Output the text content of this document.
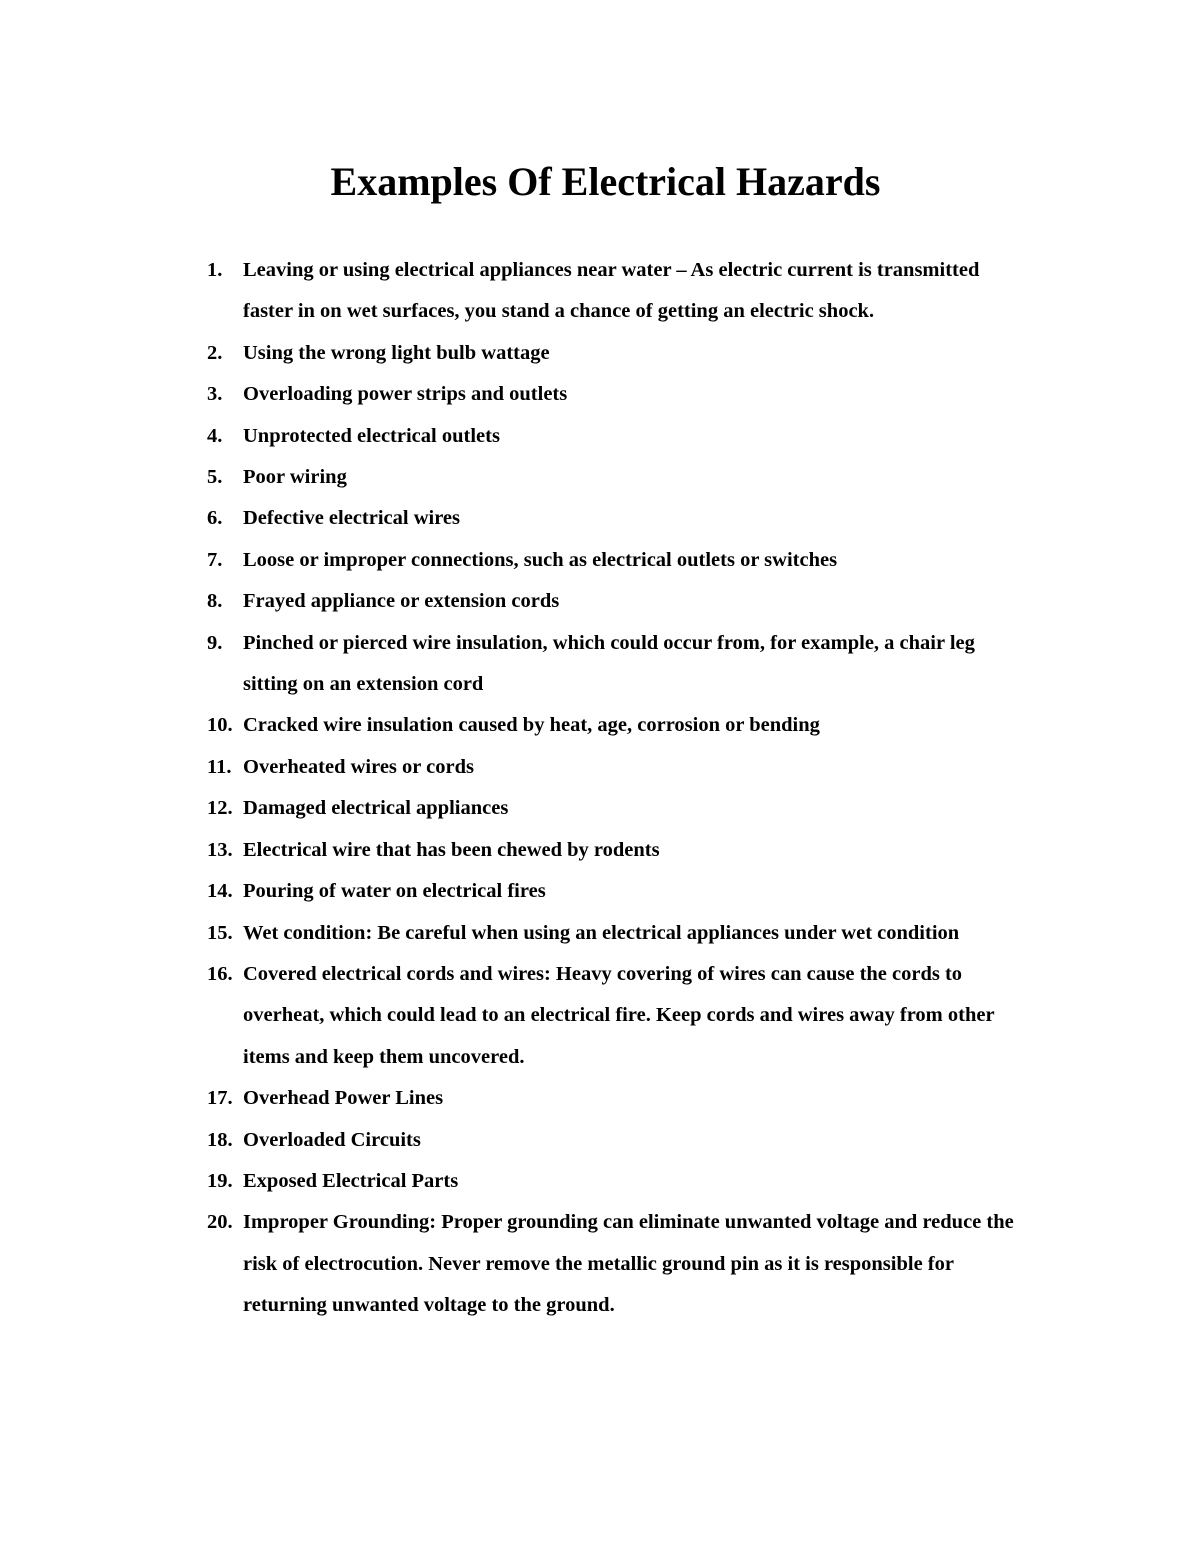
Examples Of Electrical Hazards
1.	Leaving or using electrical appliances near water – As electric current is transmitted faster in on wet surfaces, you stand a chance of getting an electric shock.
2.	Using the wrong light bulb wattage
3.	Overloading power strips and outlets
4.	Unprotected electrical outlets
5.	Poor wiring
6.	Defective electrical wires
7.	Loose or improper connections, such as electrical outlets or switches
8.	Frayed appliance or extension cords
9.	Pinched or pierced wire insulation, which could occur from, for example, a chair leg sitting on an extension cord
10. Cracked wire insulation caused by heat, age, corrosion or bending
11. Overheated wires or cords
12. Damaged electrical appliances
13. Electrical wire that has been chewed by rodents
14. Pouring of water on electrical fires
15. Wet condition: Be careful when using an electrical appliances under wet condition
16. Covered electrical cords and wires: Heavy covering of wires can cause the cords to overheat, which could lead to an electrical fire. Keep cords and wires away from other items and keep them uncovered.
17. Overhead Power Lines
18. Overloaded Circuits
19. Exposed Electrical Parts
20. Improper Grounding: Proper grounding can eliminate unwanted voltage and reduce the risk of electrocution. Never remove the metallic ground pin as it is responsible for returning unwanted voltage to the ground.
